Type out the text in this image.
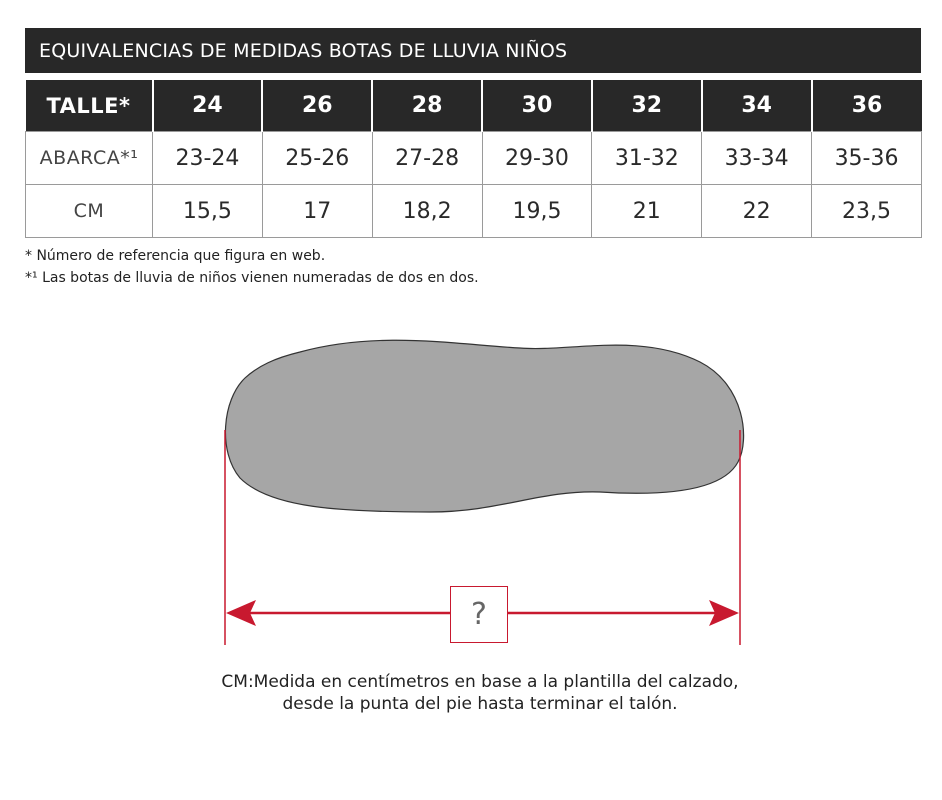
EQUIVALENCIAS DE MEDIDAS BOTAS DE LLUVIA NIÑOS
TALLE*	24	26	28	30	32	34	36
ABARCA*¹	23-24	25-26	27-28	29-30	31-32	33-34	35-36
CM	15,5	17	18,2	19,5	21	22	23,5
* Número de referencia que figura en web.
*¹ Las botas de lluvia de niños vienen numeradas de dos en dos.
?
CM:Medida en centímetros en base a la plantilla del calzado,
desde la punta del pie hasta terminar el talón.
